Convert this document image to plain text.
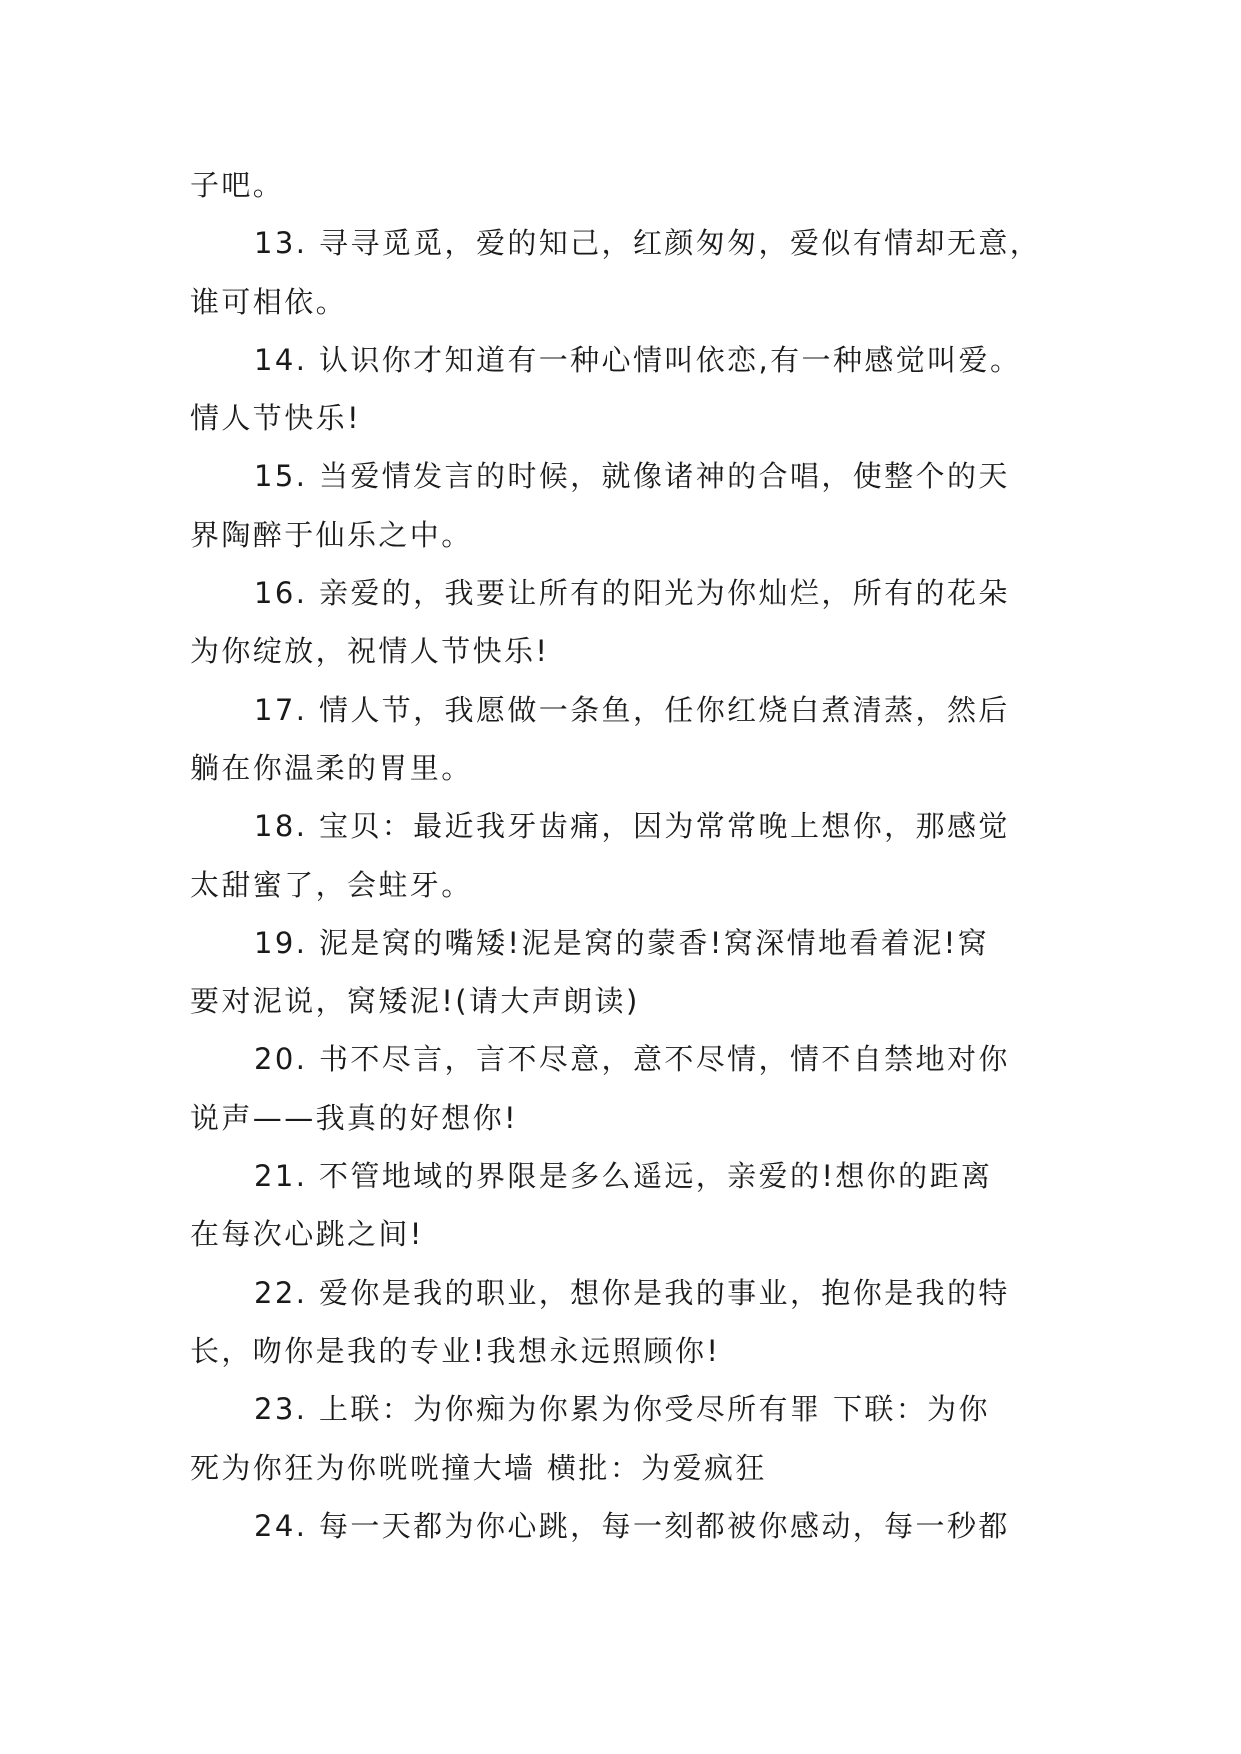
子吧。
13. 寻寻觅觅，爱的知己，红颜匆匆，爱似有情却无意，
谁可相依。
14. 认识你才知道有一种心情叫依恋,有一种感觉叫爱。
情人节快乐!
15. 当爱情发言的时候，就像诸神的合唱，使整个的天
界陶醉于仙乐之中。
16. 亲爱的，我要让所有的阳光为你灿烂，所有的花朵
为你绽放，祝情人节快乐!
17. 情人节，我愿做一条鱼，任你红烧白煮清蒸，然后
躺在你温柔的胃里。
18. 宝贝：最近我牙齿痛，因为常常晚上想你，那感觉
太甜蜜了，会蛀牙。
19. 泥是窝的嘴矮!泥是窝的蒙香!窝深情地看着泥!窝
要对泥说，窝矮泥!(请大声朗读)
20. 书不尽言，言不尽意，意不尽情，情不自禁地对你
说声——我真的好想你!
21. 不管地域的界限是多么遥远，亲爱的!想你的距离
在每次心跳之间!
22. 爱你是我的职业，想你是我的事业，抱你是我的特
长，吻你是我的专业!我想永远照顾你!
23. 上联：为你痴为你累为你受尽所有罪 下联：为你
死为你狂为你咣咣撞大墙 横批：为爱疯狂
24. 每一天都为你心跳，每一刻都被你感动，每一秒都
